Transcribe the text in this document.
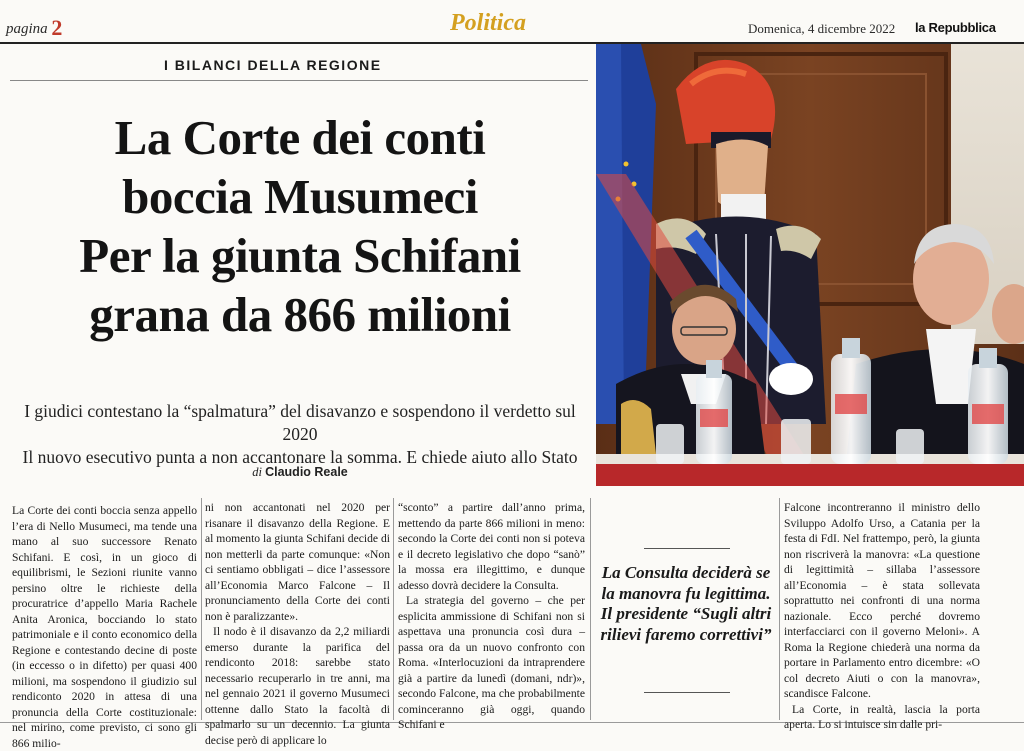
pagina 2	Politica	Domenica, 4 dicembre 2022 la Repubblica
I BILANCI DELLA REGIONE
La Corte dei conti
boccia Musumeci
Per la giunta Schifani
grana da 866 milioni
I giudici contestano la “spalmatura” del disavanzo e sospendono il verdetto sul 2020
Il nuovo esecutivo punta a non accantonare la somma. E chiede aiuto allo Stato
di Claudio Reale

La Corte dei conti boccia senza appello l’era di Nello Musumeci, ma tende una mano al suo successore Renato Schifani. E così, in un gioco di equilibrismi, le Sezioni riunite vanno persino oltre le richieste della procuratrice d’appello Maria Rachele Anita Aronica, bocciando lo stato patrimoniale e il conto economico della Regione e contestando decine di poste (in eccesso o in difetto) per quasi 400 milioni, ma sospendono il giudizio sul rendiconto 2020 in attesa di una pronuncia della Corte costituzionale: nel mirino, come previsto, ci sono gli 866 milio-

ni non accantonati nel 2020 per risanare il disavanzo della Regione. E al momento la giunta Schifani decide di non metterli da parte comunque: «Non ci sentiamo obbligati – dice l’assessore all’Economia Marco Falcone – Il pronunciamento della Corte dei conti non è paralizzante».

Il nodo è il disavanzo da 2,2 miliardi emerso durante la parifica del rendiconto 2018: sarebbe stato necessario recuperarlo in tre anni, ma nel gennaio 2021 il governo Musumeci ottenne dallo Stato la facoltà di spalmarlo su un decennio. La giunta decise però di applicare lo

“sconto” a partire dall’anno prima, mettendo da parte 866 milioni in meno: secondo la Corte dei conti non si poteva e il decreto legislativo che dopo “sanò” la mossa era illegittimo, e dunque adesso dovrà decidere la Consulta.

La strategia del governo – che per esplicita ammissione di Schifani non si aspettava una pronuncia così dura – passa ora da un nuovo confronto con Roma. «Interlocuzioni da intraprendere già a partire da lunedì (domani, ndr)», secondo Falcone, ma che probabilmente cominceranno già oggi, quando Schifani e

Falcone incontreranno il ministro dello Sviluppo Adolfo Urso, a Catania per la festa di FdI. Nel frattempo, però, la giunta non riscriverà la manovra: «La questione di legittimità – sillaba l’assessore all’Economia – è stata sollevata soprattutto nei confronti di una norma nazionale. Ecco perché dovremo interfacciarci con il governo Meloni». A Roma la Regione chiederà una norma da portare in Parlamento entro dicembre: «O col decreto Aiuti o con la manovra», scandisce Falcone.

La Corte, in realtà, lascia la porta aperta. Lo si intuisce sin dalle pri-

La Consulta deciderà se la manovra fu legittima. Il presidente “Sugli altri rilievi faremo correttivi”
